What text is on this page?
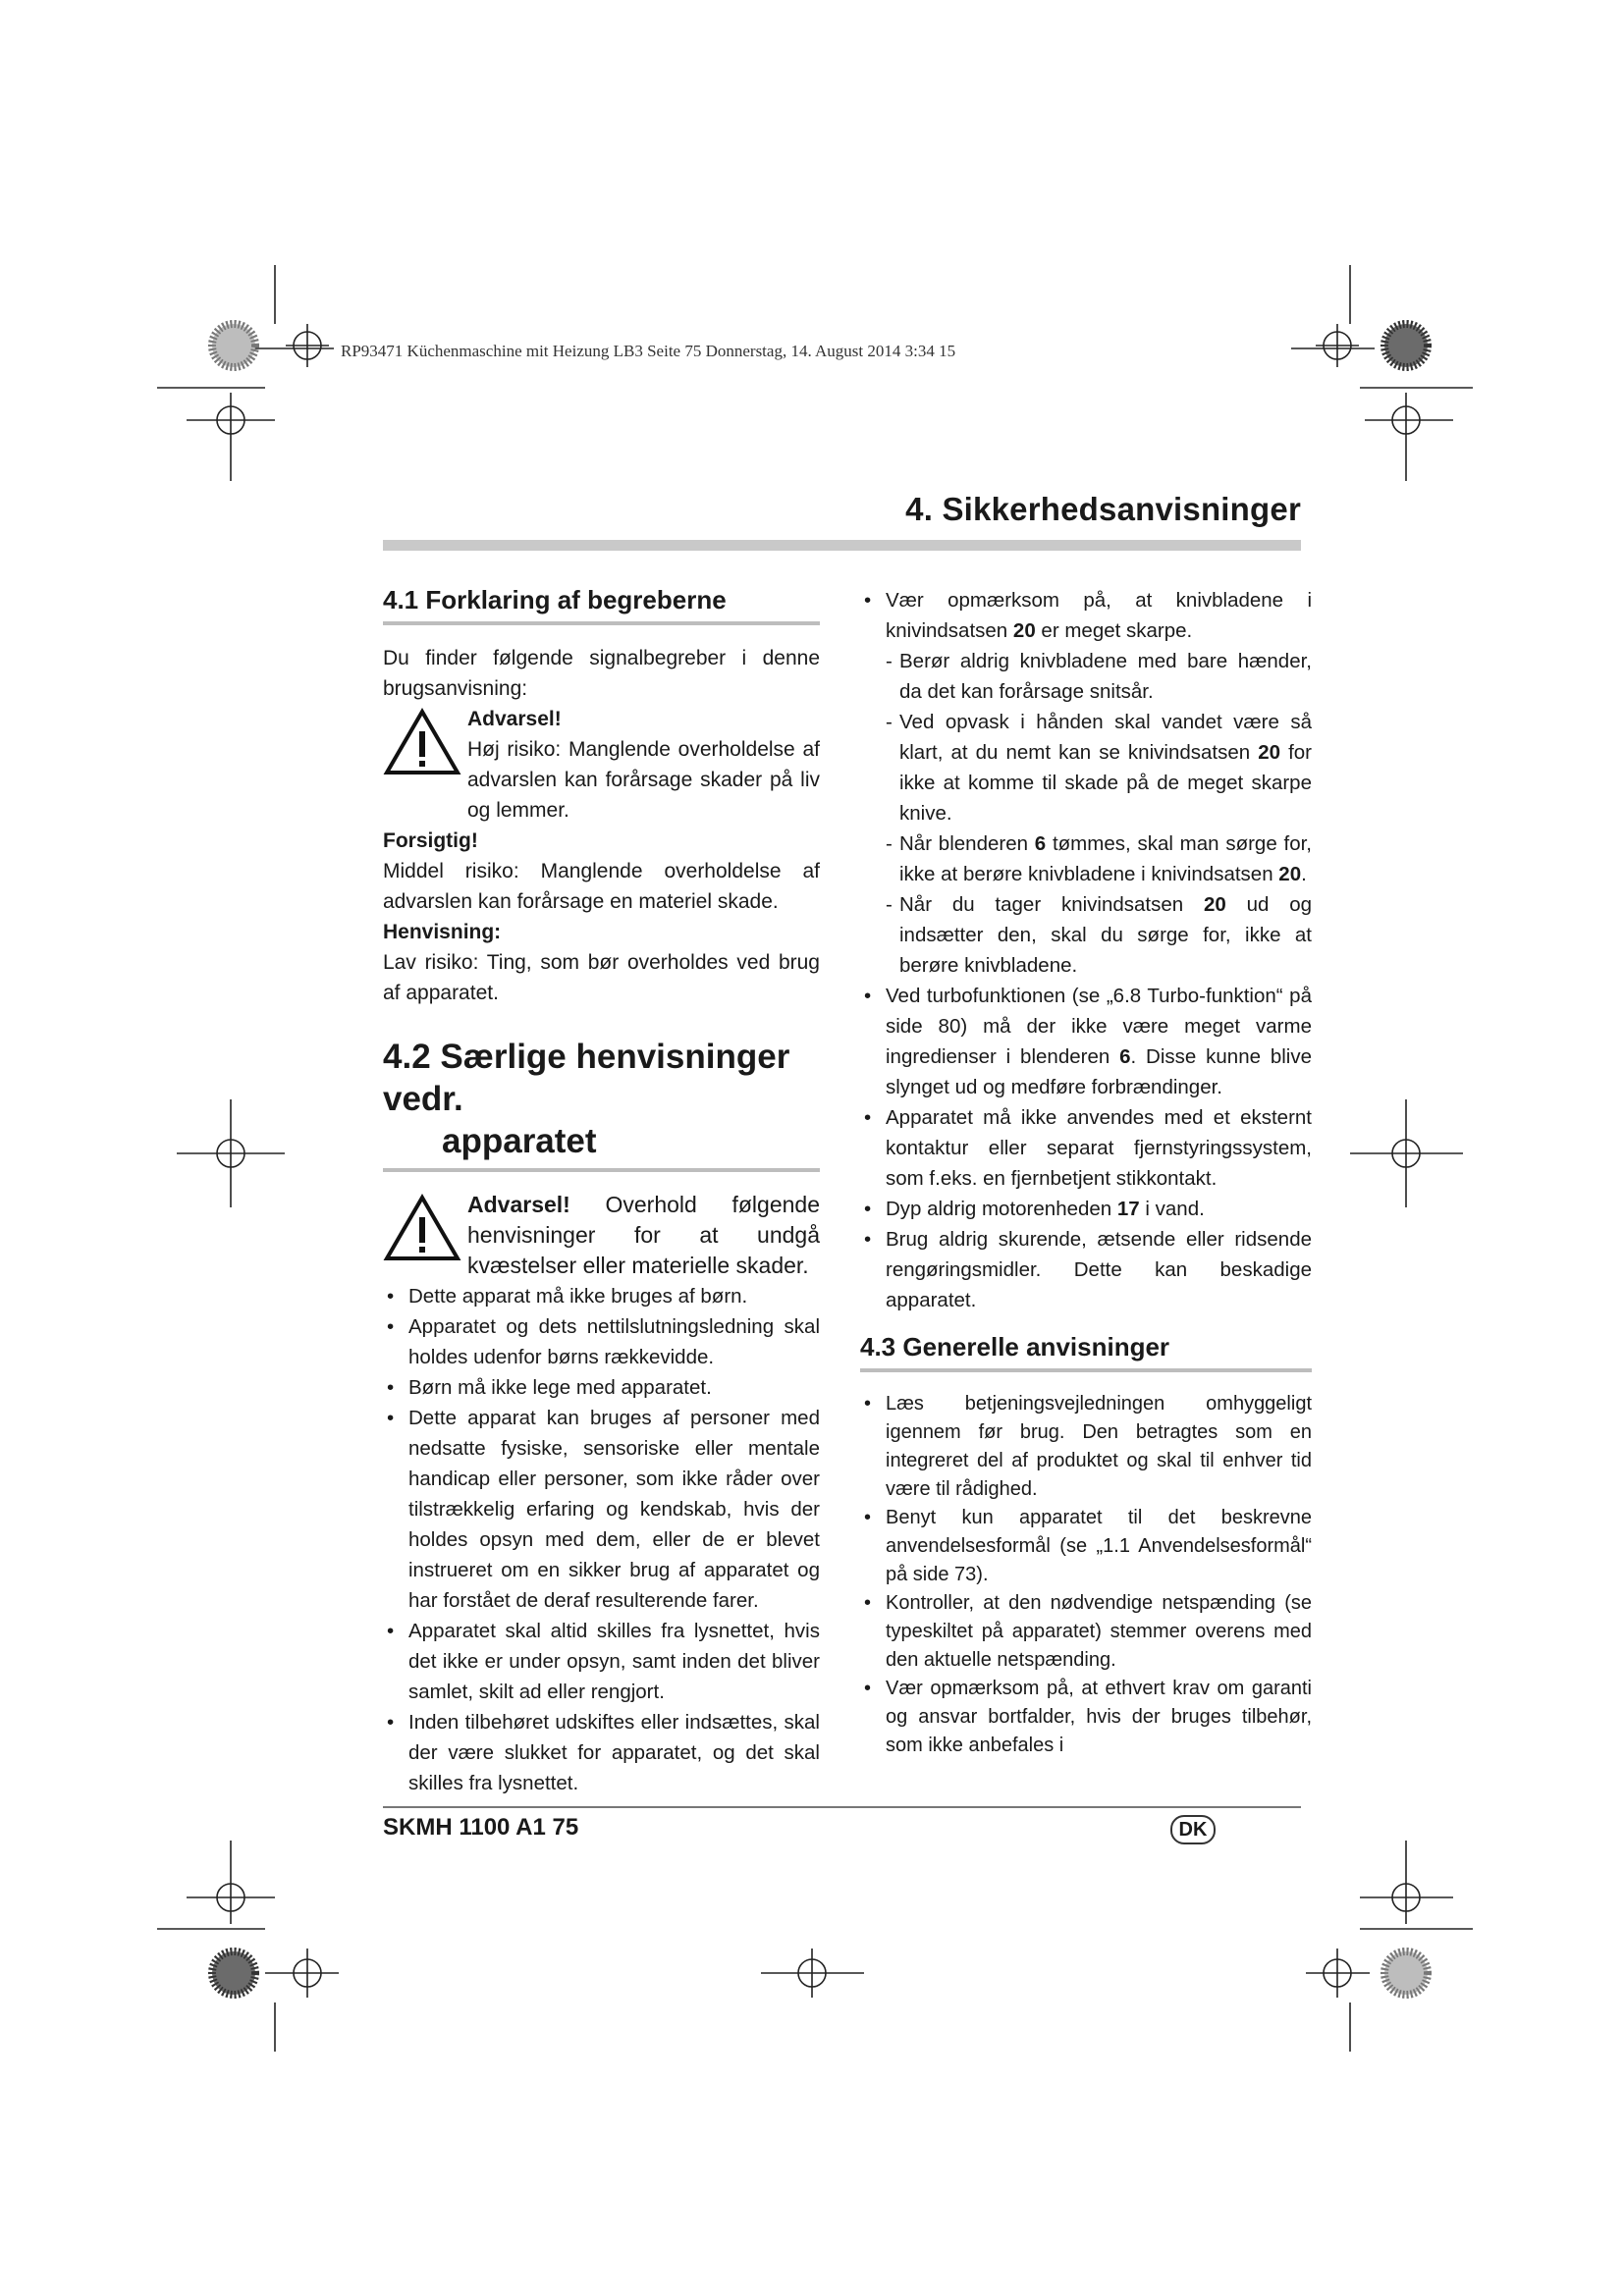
RP93471 Küchenmaschine mit Heizung LB3 Seite 75 Donnerstag, 14. August 2014 3:34 15
4. Sikkerhedsanvisninger
4.1 Forklaring af begreberne

Du finder følgende signalbegreber i denne brugsanvisning:

Advarsel!

Høj risiko: Manglende overholdelse af advarslen kan forårsage skader på liv og lemmer.

Forsigtig!

Middel risiko: Manglende overholdelse af advarslen kan forårsage en materiel skade.

Henvisning:

Lav risiko: Ting, som bør overholdes ved brug af apparatet.

4.2 Særlige henvisninger vedr.
apparatet

Advarsel! Overhold følgende henvisninger for at undgå kvæstelser eller materielle skader.

• Dette apparat må ikke bruges af børn.
• Apparatet og dets nettilslutningsledning skal holdes udenfor børns rækkevidde.
• Børn må ikke lege med apparatet.
• Dette apparat kan bruges af personer med nedsatte fysiske, sensoriske eller mentale handicap eller personer, som ikke råder over tilstrækkelig erfaring og kendskab, hvis der holdes opsyn med dem, eller de er blevet instrueret om en sikker brug af apparatet og har forstået de deraf resulterende farer.
• Apparatet skal altid skilles fra lysnettet, hvis det ikke er under opsyn, samt inden det bliver samlet, skilt ad eller rengjort.
• Inden tilbehøret udskiftes eller indsættes, skal der være slukket for apparatet, og det skal skilles fra lysnettet.
• Vær opmærksom på, at knivbladene i knivindsatsen 20 er meget skarpe.
- Berør aldrig knivbladene med bare hænder, da det kan forårsage snitsår.
- Ved opvask i hånden skal vandet være så klart, at du nemt kan se knivindsatsen 20 for ikke at komme til skade på de meget skarpe knive.
- Når blenderen 6 tømmes, skal man sørge for, ikke at berøre knivbladene i knivindsatsen 20.
- Når du tager knivindsatsen 20 ud og indsætter den, skal du sørge for, ikke at berøre knivbladene.
• Ved turbofunktionen (se „6.8 Turbo-funktion“ på side 80) må der ikke være meget varme ingredienser i blenderen 6. Disse kunne blive slynget ud og medføre forbrændinger.
• Apparatet må ikke anvendes med et eksternt kontaktur eller separat fjernstyringssystem, som f.eks. en fjernbetjent stikkontakt.
• Dyp aldrig motorenheden 17 i vand.
• Brug aldrig skurende, ætsende eller ridsende rengøringsmidler. Dette kan beskadige apparatet.
4.3 Generelle anvisninger
• Læs betjeningsvejledningen omhyggeligt igennem før brug. Den betragtes som en integreret del af produktet og skal til enhver tid være til rådighed.
• Benyt kun apparatet til det beskrevne anvendelsesformål (se „1.1 Anvendelsesformål“ på side 73).
• Kontroller, at den nødvendige netspænding (se typeskiltet på apparatet) stemmer overens med den aktuelle netspænding.
• Vær opmærksom på, at ethvert krav om garanti og ansvar bortfalder, hvis der bruges tilbehør, som ikke anbefales i
SKMH 1100 A1 75	DK
